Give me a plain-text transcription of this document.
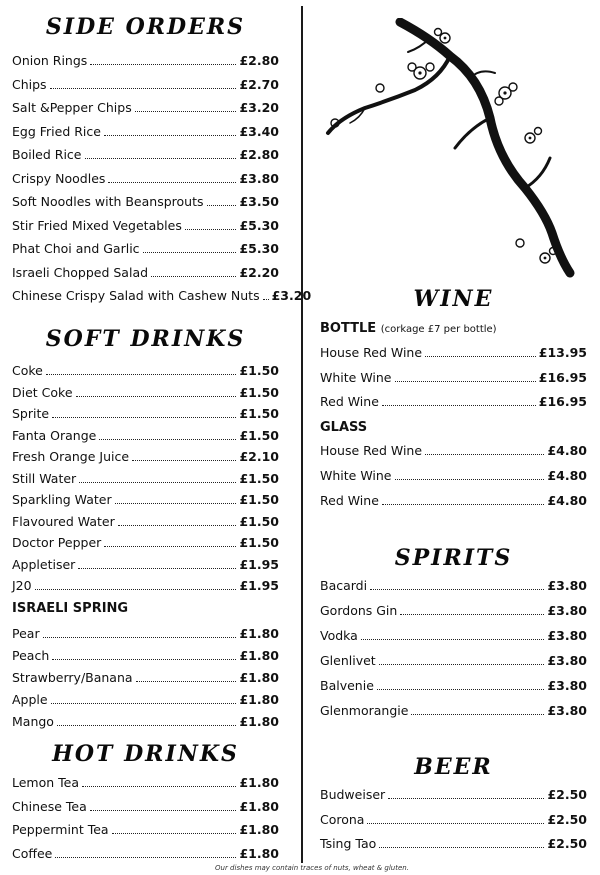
SIDE ORDERS
SOFT DRINKS
ISRAELI SPRING
HOT DRINKS
Onion Rings	£2.80
Chips	£2.70
Salt &Pepper Chips	£3.20
Egg Fried Rice	£3.40
Boiled Rice	£2.80
Crispy Noodles	£3.80
Soft Noodles with Beansprouts	£3.50
Stir Fried Mixed Vegetables	£5.30
Phat Choi and Garlic	£5.30
Israeli Chopped Salad	£2.20
Chinese Crispy Salad with Cashew Nuts £3.20
Coke	£1.50
Diet Coke	£1.50
Sprite	£1.50
Fanta Orange	£1.50
Fresh Orange Juice	£2.10
Still Water	£1.50
Sparkling Water	£1.50
Flavoured Water	£1.50
Doctor Pepper	£1.50
Appletiser	£1.95
J20	£1.95
Pear	£1.80
Peach	£1.80
Strawberry/Banana	£1.80
Apple	£1.80
Mango	£1.80
Lemon Tea	£1.80
Chinese Tea	£1.80
Peppermint Tea	£1.80
Coffee	£1.80
WINE
BOTTLE (corkage £7 per bottle)
GLASS
SPIRITS
BEER
House Red Wine	£13.95
White Wine	£16.95
Red Wine	£16.95
House Red Wine	£4.80
White Wine	£4.80
Red Wine	£4.80
Bacardi	£3.80
Gordons Gin	£3.80
Vodka	£3.80
Glenlivet	£3.80
Balvenie	£3.80
Glenmorangie	£3.80
Budweiser	£2.50
Corona	£2.50
Tsing Tao	£2.50
Our dishes may contain traces of nuts, wheat & gluten.
